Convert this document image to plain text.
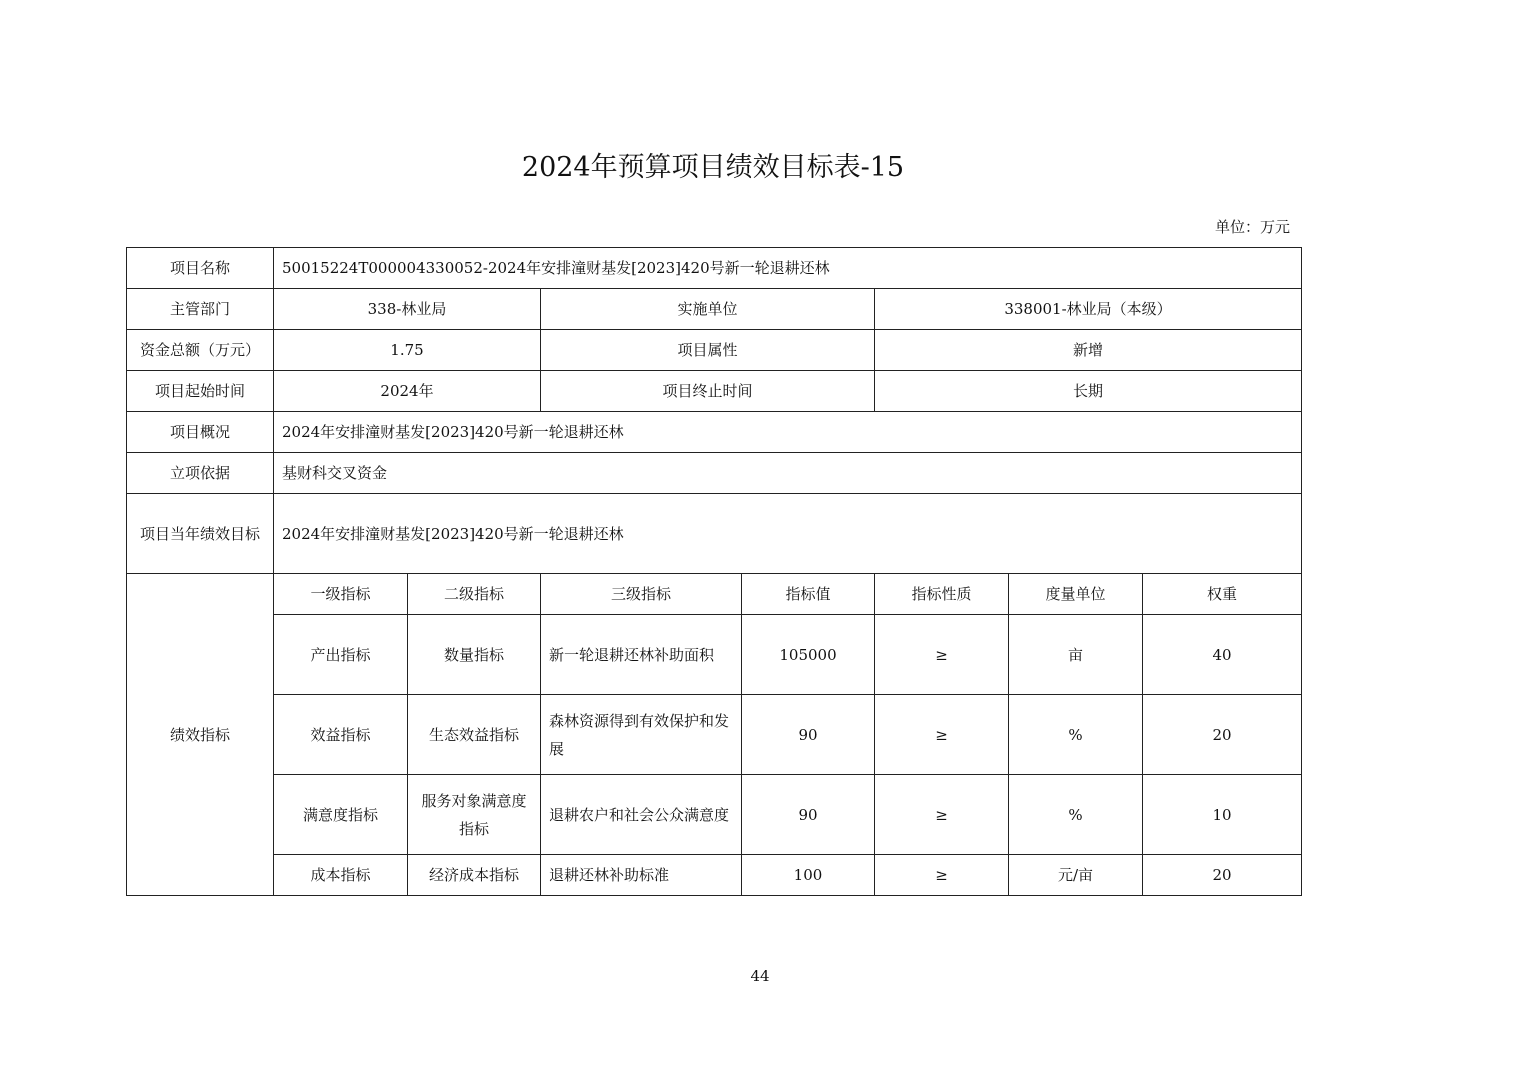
2024年预算项目绩效目标表-15
单位：万元
项目名称	50015224T000004330052-2024年安排潼财基发[2023]420号新一轮退耕还林						
主管部门	338-林业局		实施单位		338001-林业局（本级）		
资金总额（万元）	1.75		项目属性		新增		
项目起始时间	2024年		项目终止时间		长期		
项目概况	2024年安排潼财基发[2023]420号新一轮退耕还林						
立项依据	基财科交叉资金						
项目当年绩效目标	2024年安排潼财基发[2023]420号新一轮退耕还林						
绩效指标	一级指标	二级指标	三级指标	指标值	指标性质	度量单位	权重
	产出指标	数量指标	新一轮退耕还林补助面积	105000	≥	亩	40
	效益指标	生态效益指标	森林资源得到有效保护和发展	90	≥	%	20
	满意度指标	服务对象满意度指标	退耕农户和社会公众满意度	90	≥	%	10
	成本指标	经济成本指标	退耕还林补助标准	100	≥	元/亩	20
44
